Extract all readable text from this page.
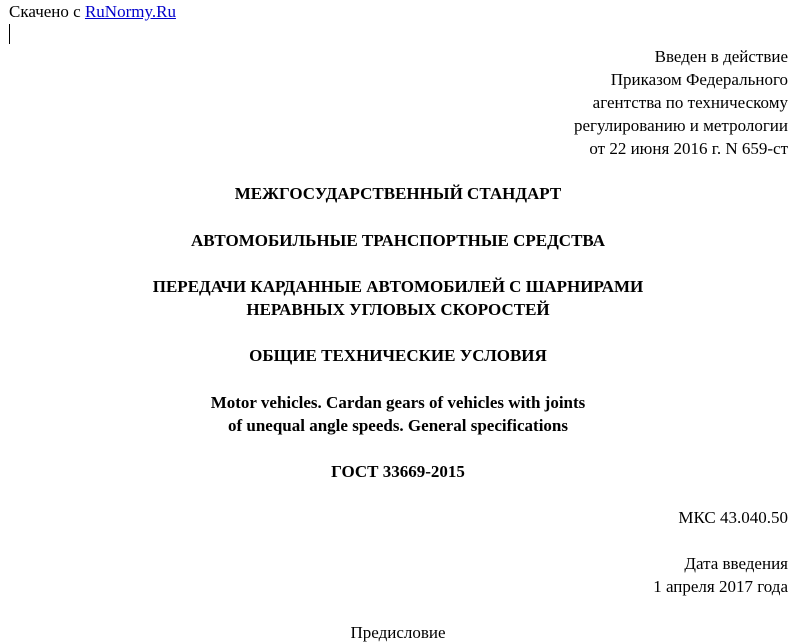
Скачено с RuNormy.Ru
Введен в действие
Приказом Федерального
агентства по техническому
регулированию и метрологии
от 22 июня 2016 г. N 659-ст
МЕЖГОСУДАРСТВЕННЫЙ СТАНДАРТ
АВТОМОБИЛЬНЫЕ ТРАНСПОРТНЫЕ СРЕДСТВА
ПЕРЕДАЧИ КАРДАННЫЕ АВТОМОБИЛЕЙ С ШАРНИРАМИ
НЕРАВНЫХ УГЛОВЫХ СКОРОСТЕЙ
ОБЩИЕ ТЕХНИЧЕСКИЕ УСЛОВИЯ
Motor vehicles. Cardan gears of vehicles with joints
of unequal angle speeds. General specifications
ГОСТ 33669-2015
МКС 43.040.50
Дата введения
1 апреля 2017 года
Предисловие
